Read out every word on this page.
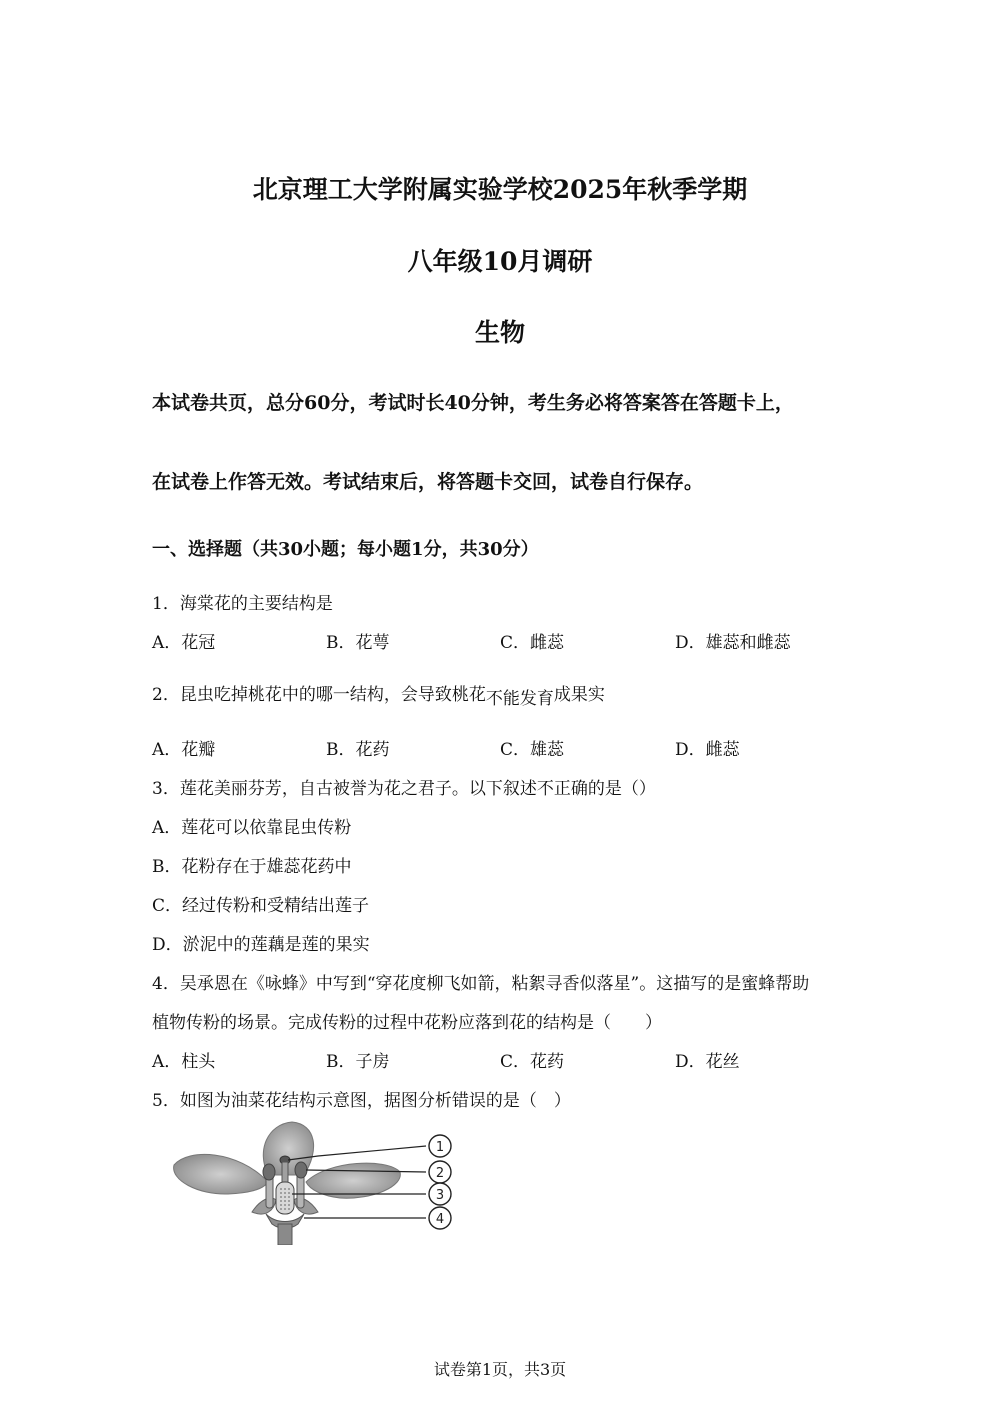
北京理工大学附属实验学校2025年秋季学期
八年级10月调研
生物
本试卷共页，总分60分，考试时长40分钟，考生务必将答案答在答题卡上，
在试卷上作答无效。考试结束后，将答题卡交回，试卷自行保存。
一、选择题（共30小题；每小题1分，共30分）
1．海棠花的主要结构是
A．花冠	B．花萼	C．雌蕊	D．雄蕊和雌蕊
2．昆虫吃掉桃花中的哪一结构，会导致桃花不能发育成果实
A．花瓣	B．花药	C．雄蕊	D．雌蕊
3．莲花美丽芬芳，自古被誉为花之君子。以下叙述不正确的是（）
A．莲花可以依靠昆虫传粉
B．花粉存在于雄蕊花药中
C．经过传粉和受精结出莲子
D．淤泥中的莲藕是莲的果实
4．吴承恩在《咏蜂》中写到“穿花度柳飞如箭，粘絮寻香似落星”。这描写的是蜜蜂帮助
植物传粉的场景。完成传粉的过程中花粉应落到花的结构是（　　）
A．柱头	B．子房	C．花药	D．花丝
5．如图为油菜花结构示意图，据图分析错误的是（　）
1
2
3
4
试卷第1页，共3页
